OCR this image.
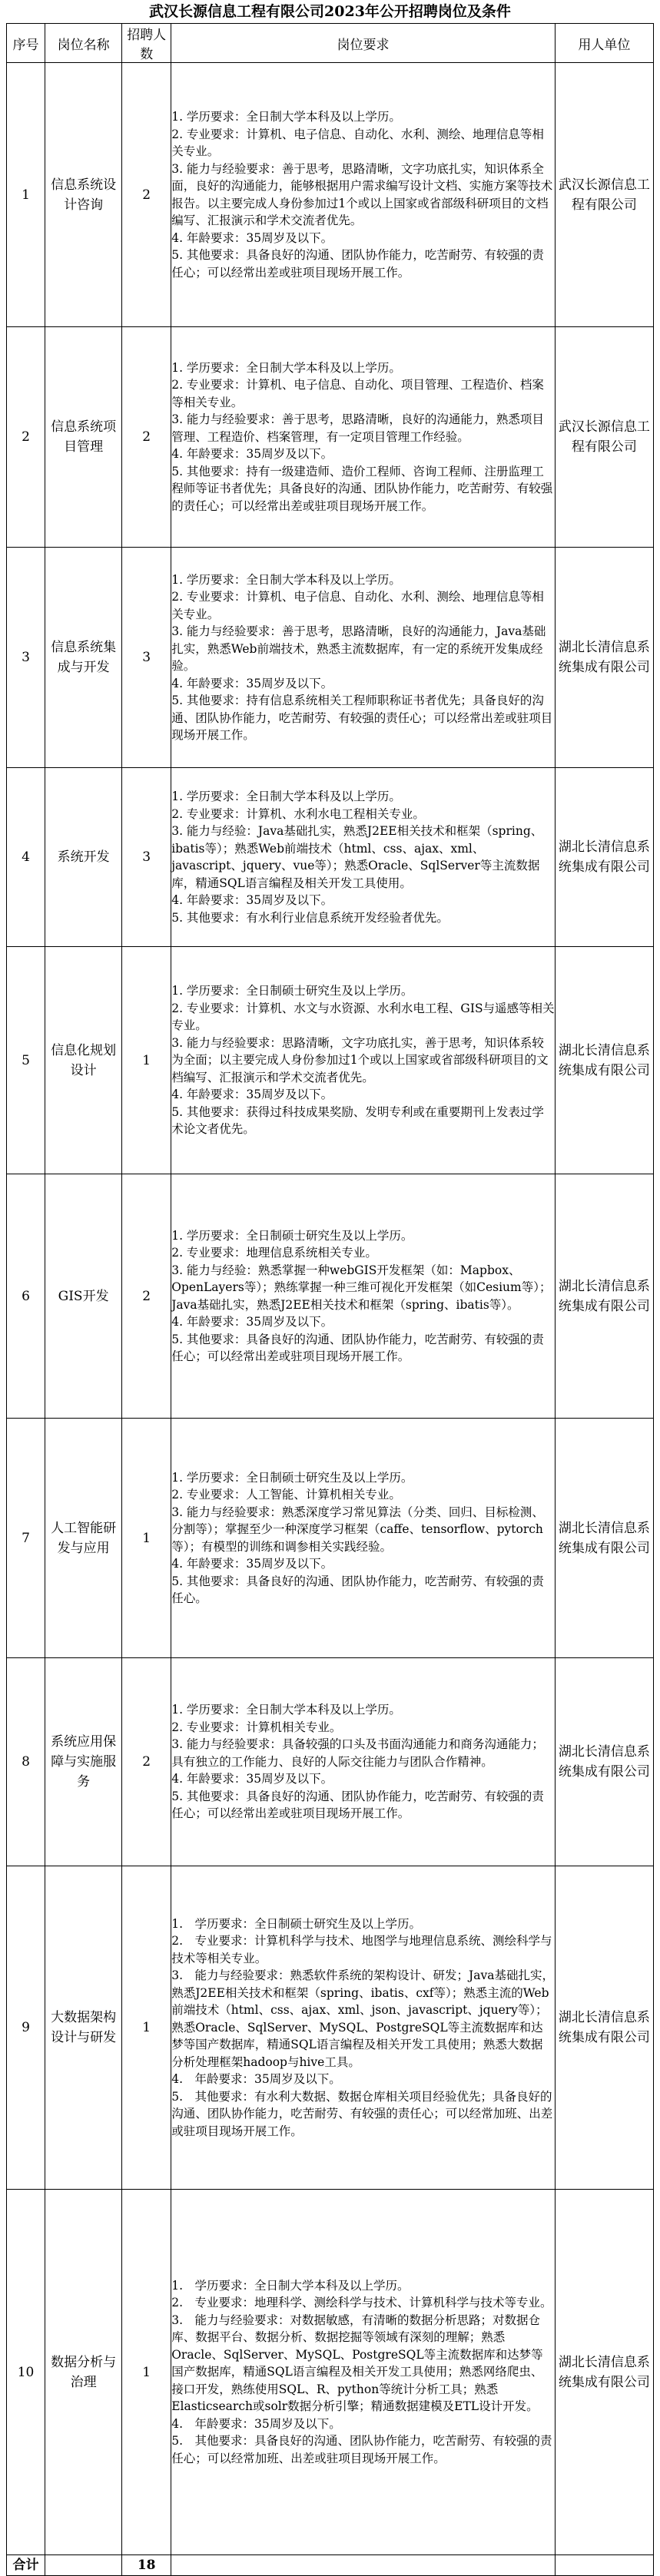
武汉长源信息工程有限公司2023年公开招聘岗位及条件
序号	岗位名称	招聘人数	岗位要求	用人单位
1	信息系统设计咨询	2	1. 学历要求：全日制大学本科及以上学历。
2. 专业要求：计算机、电子信息、自动化、水利、测绘、地理信息等相关专业。
3. 能力与经验要求：善于思考，思路清晰，文字功底扎实，知识体系全面，良好的沟通能力，能够根据用户需求编写设计文档、实施方案等技术报告。以主要完成人身份参加过1个或以上国家或省部级科研项目的文档编写、汇报演示和学术交流者优先。
4. 年龄要求：35周岁及以下。
5. 其他要求：具备良好的沟通、团队协作能力，吃苦耐劳、有较强的责任心；可以经常出差或驻项目现场开展工作。	武汉长源信息工程有限公司
2	信息系统项目管理	2	1. 学历要求：全日制大学本科及以上学历。
2. 专业要求：计算机、电子信息、自动化、项目管理、工程造价、档案等相关专业。
3. 能力与经验要求：善于思考，思路清晰，良好的沟通能力，熟悉项目管理、工程造价、档案管理，有一定项目管理工作经验。
4. 年龄要求：35周岁及以下。
5. 其他要求：持有一级建造师、造价工程师、咨询工程师、注册监理工程师等证书者优先；具备良好的沟通、团队协作能力，吃苦耐劳、有较强的责任心；可以经常出差或驻项目现场开展工作。	武汉长源信息工程有限公司
3	信息系统集成与开发	3	1. 学历要求：全日制大学本科及以上学历。
2. 专业要求：计算机、电子信息、自动化、水利、测绘、地理信息等相关专业。
3. 能力与经验要求：善于思考，思路清晰，良好的沟通能力，Java基础扎实，熟悉Web前端技术，熟悉主流数据库，有一定的系统开发集成经验。
4. 年龄要求：35周岁及以下。
5. 其他要求：持有信息系统相关工程师职称证书者优先；具备良好的沟通、团队协作能力，吃苦耐劳、有较强的责任心；可以经常出差或驻项目现场开展工作。	湖北长清信息系统集成有限公司
4	系统开发	3	1. 学历要求：全日制大学本科及以上学历。
2. 专业要求：计算机、水利水电工程相关专业。
3. 能力与经验：Java基础扎实，熟悉J2EE相关技术和框架（spring、ibatis等）；熟悉Web前端技术（html、css、ajax、xml、javascript、jquery、vue等）；熟悉Oracle、SqlServer等主流数据库，精通SQL语言编程及相关开发工具使用。
4. 年龄要求：35周岁及以下。
5. 其他要求：有水利行业信息系统开发经验者优先。	湖北长清信息系统集成有限公司
5	信息化规划设计	1	1. 学历要求：全日制硕士研究生及以上学历。
2. 专业要求：计算机、水文与水资源、水利水电工程、GIS与遥感等相关专业。
3. 能力与经验要求：思路清晰，文字功底扎实，善于思考，知识体系较为全面；以主要完成人身份参加过1个或以上国家或省部级科研项目的文档编写、汇报演示和学术交流者优先。
4. 年龄要求：35周岁及以下。
5. 其他要求：获得过科技成果奖励、发明专利或在重要期刊上发表过学术论文者优先。	湖北长清信息系统集成有限公司
6	GIS开发	2	1. 学历要求：全日制硕士研究生及以上学历。
2. 专业要求：地理信息系统相关专业。
3. 能力与经验：熟悉掌握一种webGIS开发框架（如：Mapbox、OpenLayers等）；熟练掌握一种三维可视化开发框架（如Cesium等）；Java基础扎实，熟悉J2EE相关技术和框架（spring、ibatis等）。
4. 年龄要求：35周岁及以下。
5. 其他要求：具备良好的沟通、团队协作能力，吃苦耐劳、有较强的责任心；可以经常出差或驻项目现场开展工作。	湖北长清信息系统集成有限公司
7	人工智能研发与应用	1	1. 学历要求：全日制硕士研究生及以上学历。
2. 专业要求：人工智能、计算机相关专业。
3. 能力与经验要求：熟悉深度学习常见算法（分类、回归、目标检测、分割等）；掌握至少一种深度学习框架（caffe、tensorflow、pytorch等）；有模型的训练和调参相关实践经验。
4. 年龄要求：35周岁及以下。
5. 其他要求：具备良好的沟通、团队协作能力，吃苦耐劳、有较强的责任心。	湖北长清信息系统集成有限公司
8	系统应用保障与实施服务	2	1. 学历要求：全日制大学本科及以上学历。
2. 专业要求：计算机相关专业。
3. 能力与经验要求：具备较强的口头及书面沟通能力和商务沟通能力；具有独立的工作能力、良好的人际交往能力与团队合作精神。
4. 年龄要求：35周岁及以下。
5. 其他要求：具备良好的沟通、团队协作能力，吃苦耐劳、有较强的责任心；可以经常出差或驻项目现场开展工作。	湖北长清信息系统集成有限公司
9	大数据架构设计与研发	1	1.　学历要求：全日制硕士研究生及以上学历。
2.　专业要求：计算机科学与技术、地图学与地理信息系统、测绘科学与技术等相关专业。
3.　能力与经验要求：熟悉软件系统的架构设计、研发；Java基础扎实，熟悉J2EE相关技术和框架（spring、ibatis、cxf等）；熟悉主流的Web前端技术（html、css、ajax、xml、json、javascript、jquery等）；熟悉Oracle、SqlServer、MySQL、PostgreSQL等主流数据库和达梦等国产数据库，精通SQL语言编程及相关开发工具使用；熟悉大数据分析处理框架hadoop与hive工具。
4.　年龄要求：35周岁及以下。
5.　其他要求：有水利大数据、数据仓库相关项目经验优先；具备良好的沟通、团队协作能力，吃苦耐劳、有较强的责任心；可以经常加班、出差或驻项目现场开展工作。	湖北长清信息系统集成有限公司
10	数据分析与治理	1	1.　学历要求：全日制大学本科及以上学历。
2.　专业要求：地理科学、测绘科学与技术、计算机科学与技术等专业。
3.　能力与经验要求：对数据敏感，有清晰的数据分析思路；对数据仓库、数据平台、数据分析、数据挖掘等领域有深刻的理解；熟悉Oracle、SqlServer、MySQL、PostgreSQL等主流数据库和达梦等国产数据库，精通SQL语言编程及相关开发工具使用；熟悉网络爬虫、接口开发，熟练使用SQL、R、python等统计分析工具；熟悉Elasticsearch或solr数据分析引擎；精通数据建模及ETL设计开发。
4.　年龄要求：35周岁及以下。
5.　其他要求：具备良好的沟通、团队协作能力，吃苦耐劳、有较强的责任心；可以经常加班、出差或驻项目现场开展工作。	湖北长清信息系统集成有限公司
合计		18		
